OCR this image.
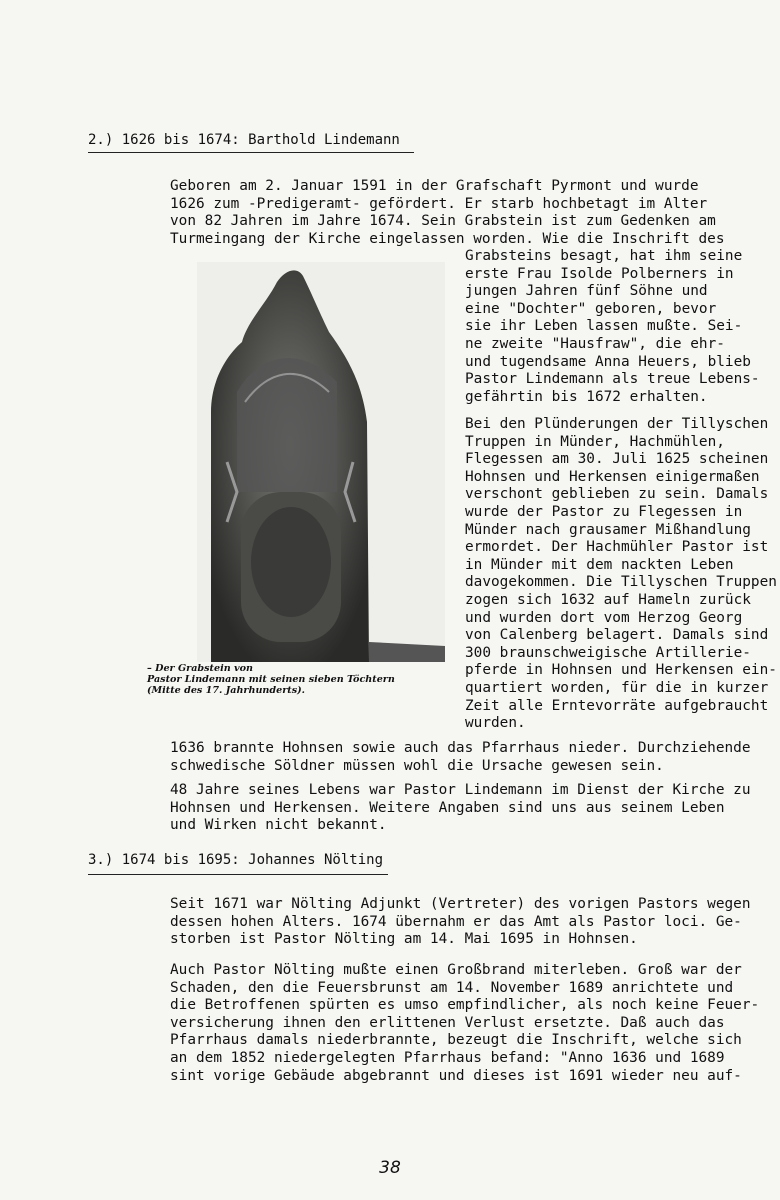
2.) 1626 bis 1674: Barthold Lindemann

Geboren am 2. Januar 1591 in der Grafschaft Pyrmont und wurde
1626 zum -Predigeramt- gefördert. Er starb hochbetagt im Alter
von 82 Jahren im Jahre 1674. Sein Grabstein ist zum Gedenken am
Turmeingang der Kirche eingelassen worden. Wie die Inschrift des

Grabsteins besagt, hat ihm seine
erste Frau Isolde Polberners in
jungen Jahren fünf Söhne und
eine "Dochter" geboren, bevor
sie ihr Leben lassen mußte. Sei-
ne zweite "Hausfraw", die ehr-
und tugendsame Anna Heuers, blieb
Pastor Lindemann als treue Lebens-
gefährtin bis 1672 erhalten.

– Der Grabstein von
Pastor Lindemann mit seinen sieben Töchtern
(Mitte des 17. Jahrhunderts).

Bei den Plünderungen der Tillyschen
Truppen in Münder, Hachmühlen,
Flegessen am 30. Juli 1625 scheinen
Hohnsen und Herkensen einigermaßen
verschont geblieben zu sein. Damals
wurde der Pastor zu Flegessen in
Münder nach grausamer Mißhandlung
ermordet. Der Hachmühler Pastor ist
in Münder mit dem nackten Leben
davogekommen. Die Tillyschen Truppen
zogen sich 1632 auf Hameln zurück
und wurden dort vom Herzog Georg
von Calenberg belagert. Damals sind
300 braunschweigische Artillerie-
pferde in Hohnsen und Herkensen ein-
quartiert worden, für die in kurzer
Zeit alle Erntevorräte aufgebraucht
wurden.

1636 brannte Hohnsen sowie auch das Pfarrhaus nieder. Durchziehende
schwedische Söldner müssen wohl die Ursache gewesen sein.

48 Jahre seines Lebens war Pastor Lindemann im Dienst der Kirche zu
Hohnsen und Herkensen. Weitere Angaben sind uns aus seinem Leben
und Wirken nicht bekannt.

3.) 1674 bis 1695: Johannes Nölting

Seit 1671 war Nölting Adjunkt (Vertreter) des vorigen Pastors wegen
dessen hohen Alters. 1674 übernahm er das Amt als Pastor loci. Ge-
storben ist Pastor Nölting am 14. Mai 1695 in Hohnsen.

Auch Pastor Nölting mußte einen Großbrand miterleben. Groß war der
Schaden, den die Feuersbrunst am 14. November 1689 anrichtete und
die Betroffenen spürten es umso empfindlicher, als noch keine Feuer-
versicherung ihnen den erlittenen Verlust ersetzte. Daß auch das
Pfarrhaus damals niederbrannte, bezeugt die Inschrift, welche sich
an dem 1852 niedergelegten Pfarrhaus befand: "Anno 1636 und 1689
sint vorige Gebäude abgebrannt und dieses ist 1691 wieder neu auf-

38
